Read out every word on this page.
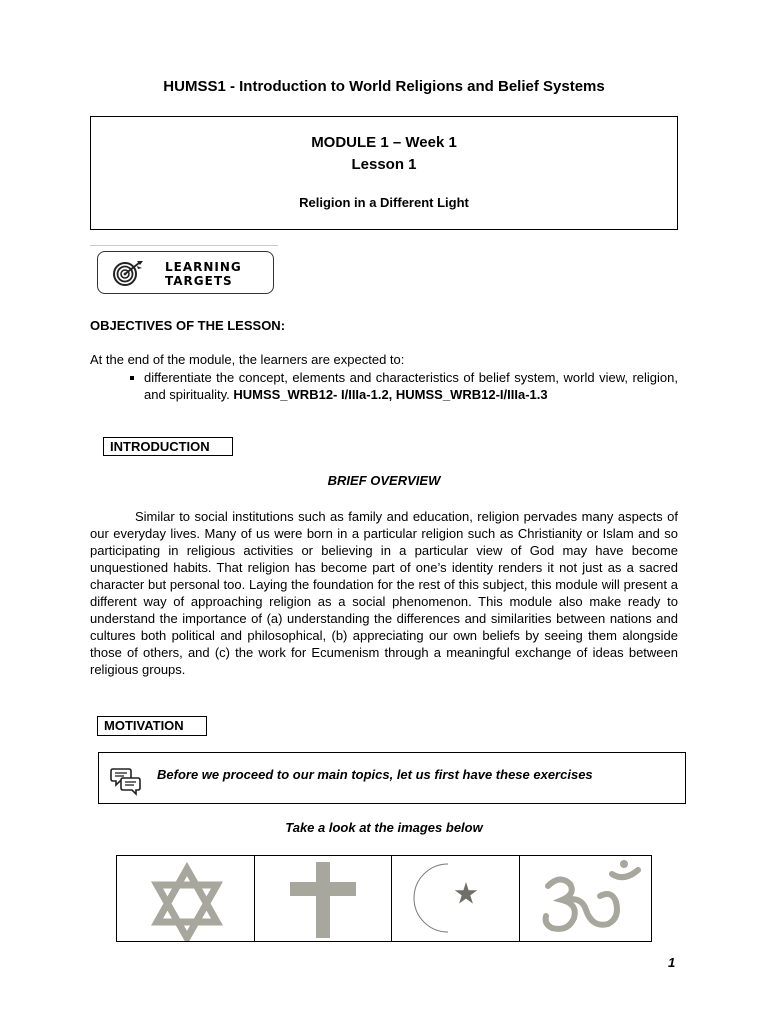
HUMSS1 - Introduction to World Religions and Belief Systems
MODULE 1 – Week 1
Lesson 1
Religion in a Different Light
LEARNING
TARGETS
OBJECTIVES OF THE LESSON:
At the end of the module, the learners are expected to:
differentiate the concept, elements and characteristics of belief system, world view, religion, and spirituality. HUMSS_WRB12- I/IIIa-1.2, HUMSS_WRB12-I/IIIa-1.3
INTRODUCTION
BRIEF OVERVIEW

Similar to social institutions such as family and education, religion pervades many aspects of our everyday lives. Many of us were born in a particular religion such as Christianity or Islam and so participating in religious activities or believing in a particular view of God may have become unquestioned habits. That religion has become part of one’s identity renders it not just as a sacred character but personal too. Laying the foundation for the rest of this subject, this module will present a different way of approaching religion as a social phenomenon. This module also make ready to understand the importance of (a) understanding the differences and similarities between nations and cultures both political and philosophical, (b) appreciating our own beliefs by seeing them alongside those of others, and (c) the work for Ecumenism through a meaningful exchange of ideas between religious groups.

MOTIVATION
Before we proceed to our main topics, let us first have these exercises
Take a look at the images below
1
